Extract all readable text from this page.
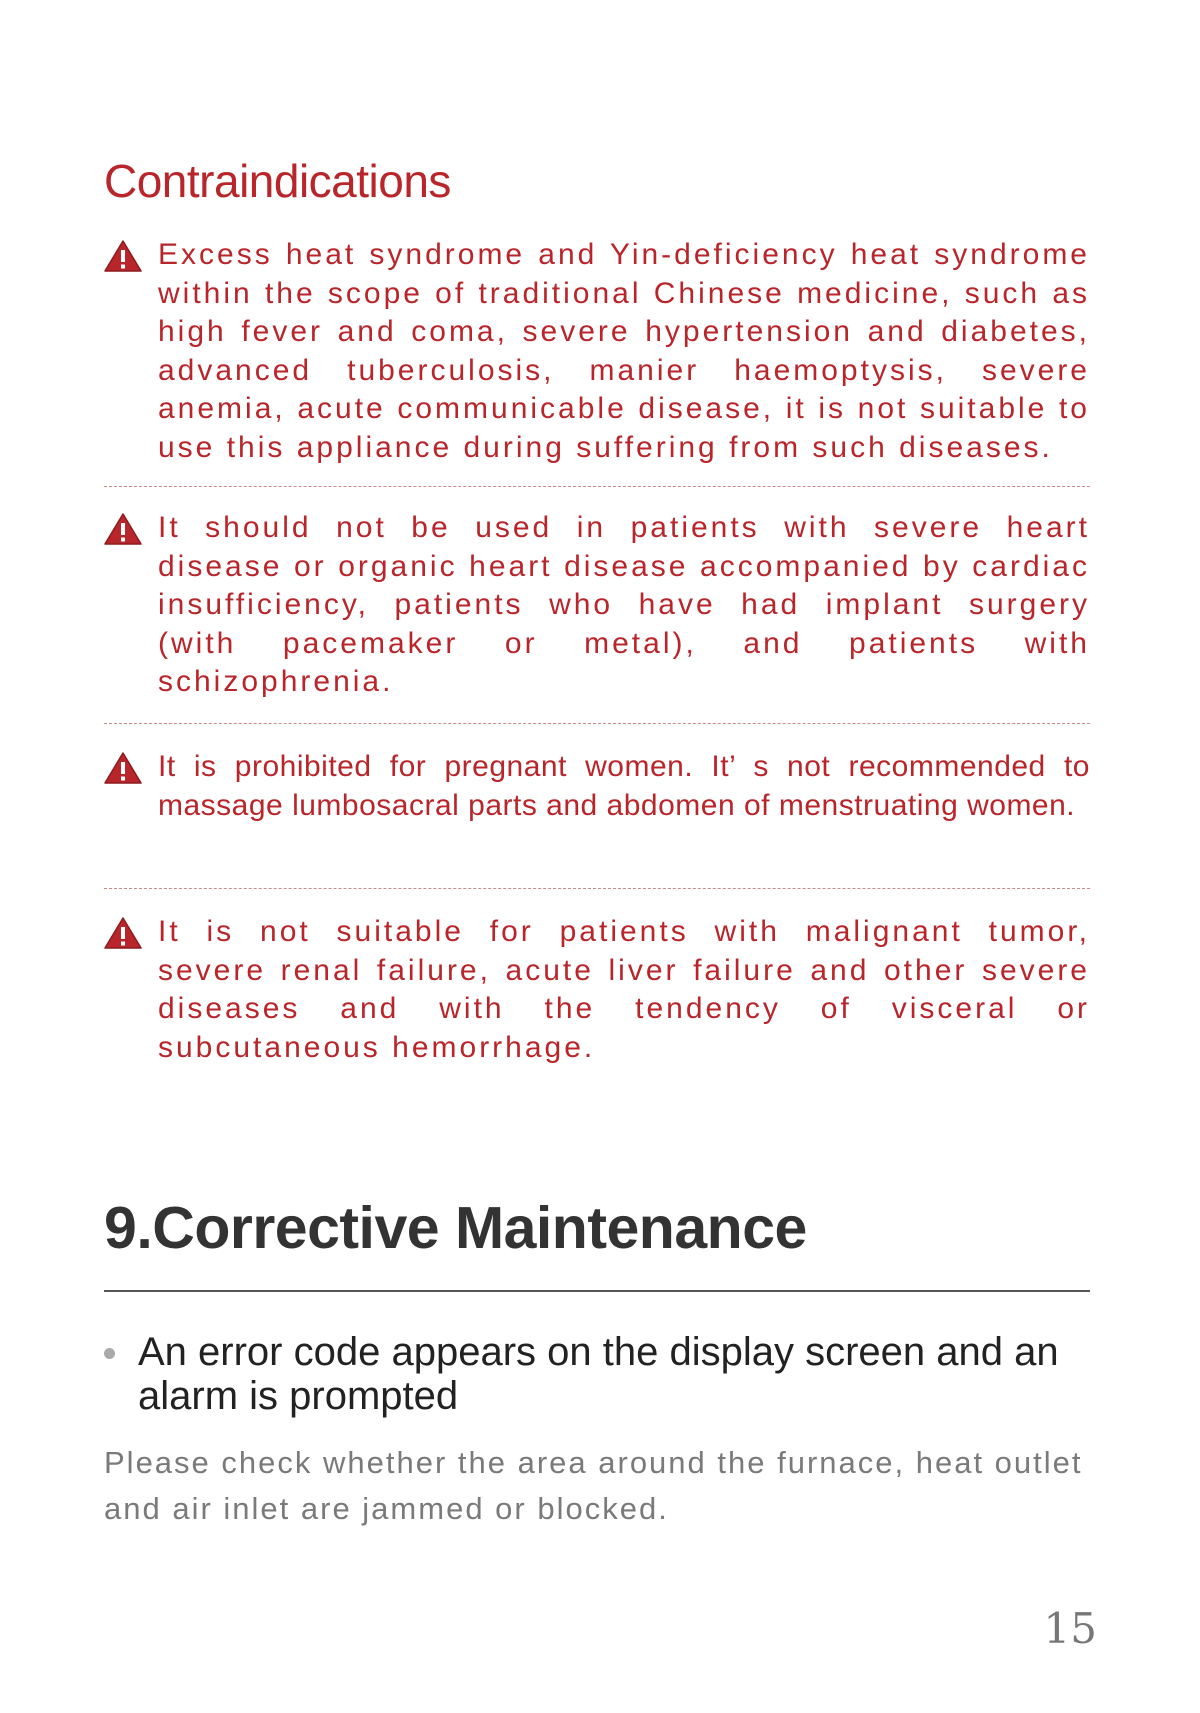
Contraindications
Excess heat syndrome and Yin-deficiency heat syndrome within the scope of traditional Chinese medicine, such as high fever and coma, severe hypertension and diabetes, advanced tuberculosis, manier haemoptysis, severe anemia, acute communicable disease, it is not suitable to use this appliance during suffering from such diseases.
It should not be used in patients with severe heart disease or organic heart disease accompanied by cardiac insufficiency, patients who have had implant surgery (with pacemaker or metal), and patients with schizophrenia.
It is prohibited for pregnant women. It’ s not recommended to massage lumbosacral parts and abdomen of menstruating women.
It is not suitable for patients with malignant tumor, severe renal failure, acute liver failure and other severe diseases and with the tendency of visceral or subcutaneous hemorrhage.
9.Corrective Maintenance
An error code appears on the display screen and an alarm is prompted

Please check whether the area around the furnace, heat outlet and air inlet are jammed or blocked.

15
